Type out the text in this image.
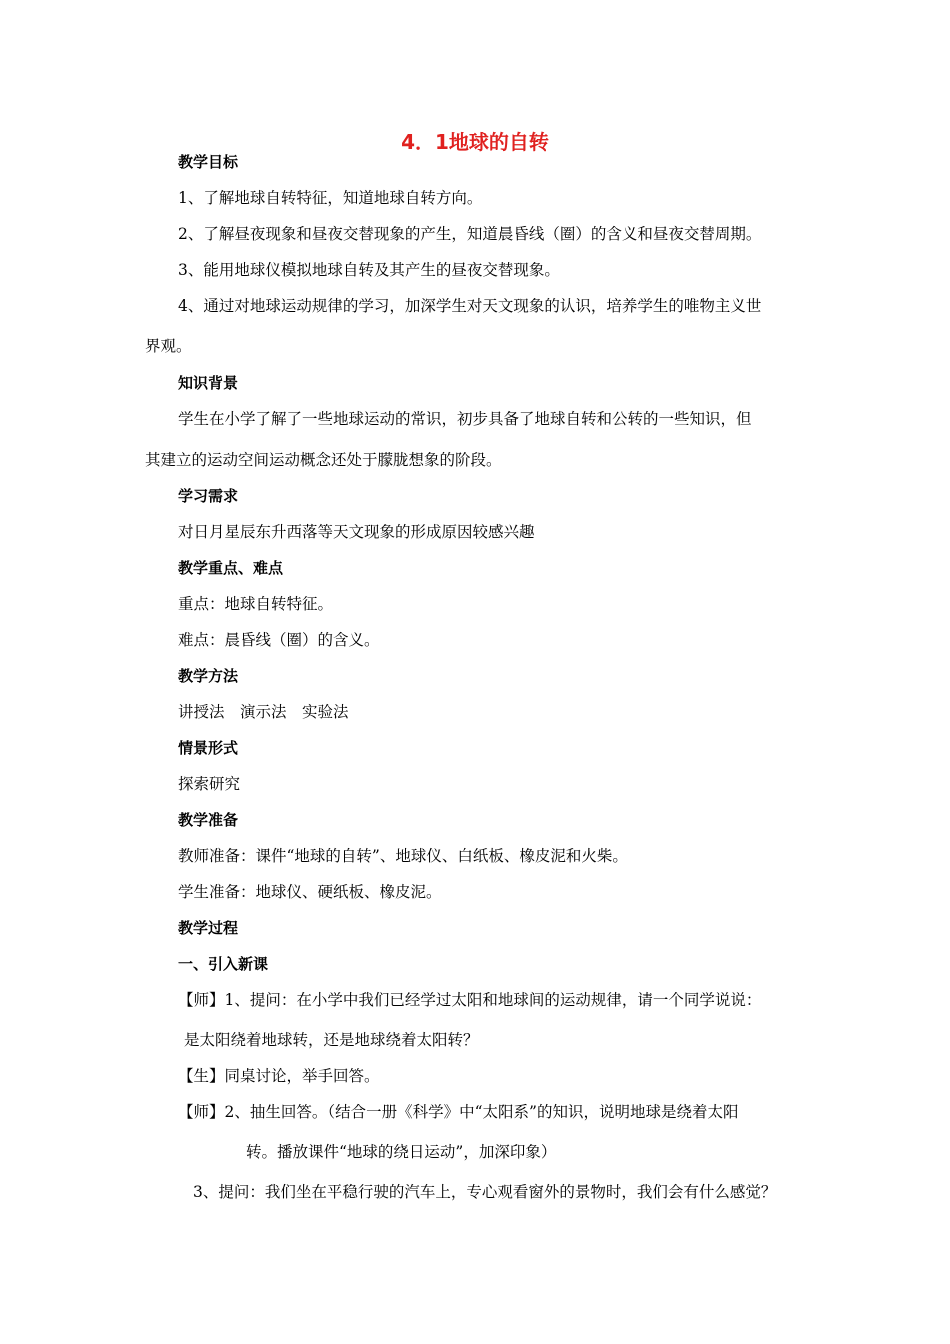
4．1地球的自转
教学目标
1、了解地球自转特征，知道地球自转方向。
2、了解昼夜现象和昼夜交替现象的产生，知道晨昏线（圈）的含义和昼夜交替周期。
3、能用地球仪模拟地球自转及其产生的昼夜交替现象。
4、通过对地球运动规律的学习，加深学生对天文现象的认识，培养学生的唯物主义世
界观。
知识背景
学生在小学了解了一些地球运动的常识，初步具备了地球自转和公转的一些知识，但
其建立的运动空间运动概念还处于朦胧想象的阶段。
学习需求
对日月星辰东升西落等天文现象的形成原因较感兴趣
教学重点、难点
重点：地球自转特征。
难点：晨昏线（圈）的含义。
教学方法
讲授法　演示法　实验法
情景形式
探索研究
教学准备
教师准备：课件“地球的自转”、地球仪、白纸板、橡皮泥和火柴。
学生准备：地球仪、硬纸板、橡皮泥。
教学过程
一、引入新课
【师】1、提问：在小学中我们已经学过太阳和地球间的运动规律，请一个同学说说：
是太阳绕着地球转，还是地球绕着太阳转？
【生】同桌讨论，举手回答。
【师】2、抽生回答。（结合一册《科学》中“太阳系”的知识，说明地球是绕着太阳
转。播放课件“地球的绕日运动”，加深印象）
3、提问：我们坐在平稳行驶的汽车上，专心观看窗外的景物时，我们会有什么感觉？
